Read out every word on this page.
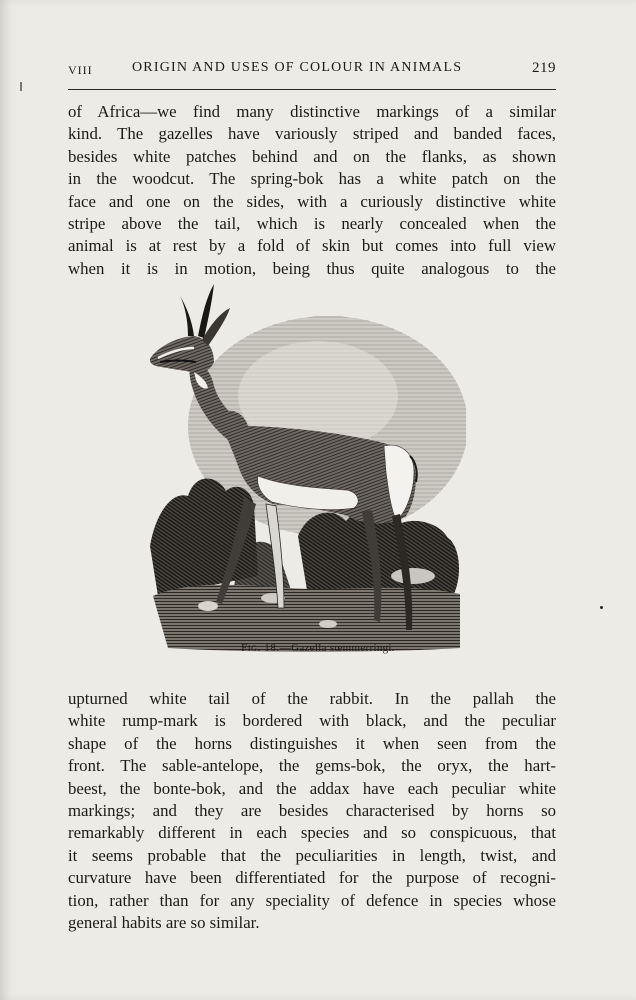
VIII	ORIGIN AND USES OF COLOUR IN ANIMALS	219
of Africa—we find many distinctive markings of a similar
kind. The gazelles have variously striped and banded faces,
besides white patches behind and on the flanks, as shown
in the woodcut. The spring-bok has a white patch on the
face and one on the sides, with a curiously distinctive white
stripe above the tail, which is nearly concealed when the
animal is at rest by a fold of skin but comes into full view
when it is in motion, being thus quite analogous to the
Fig. 18.—Gazella sœmmerringi.
upturned white tail of the rabbit. In the pallah the
white rump-mark is bordered with black, and the peculiar
shape of the horns distinguishes it when seen from the
front. The sable-antelope, the gems-bok, the oryx, the hart-
beest, the bonte-bok, and the addax have each peculiar white
markings; and they are besides characterised by horns so
remarkably different in each species and so conspicuous, that
it seems probable that the peculiarities in length, twist, and
curvature have been differentiated for the purpose of recogni-
tion, rather than for any speciality of defence in species whose
general habits are so similar.
